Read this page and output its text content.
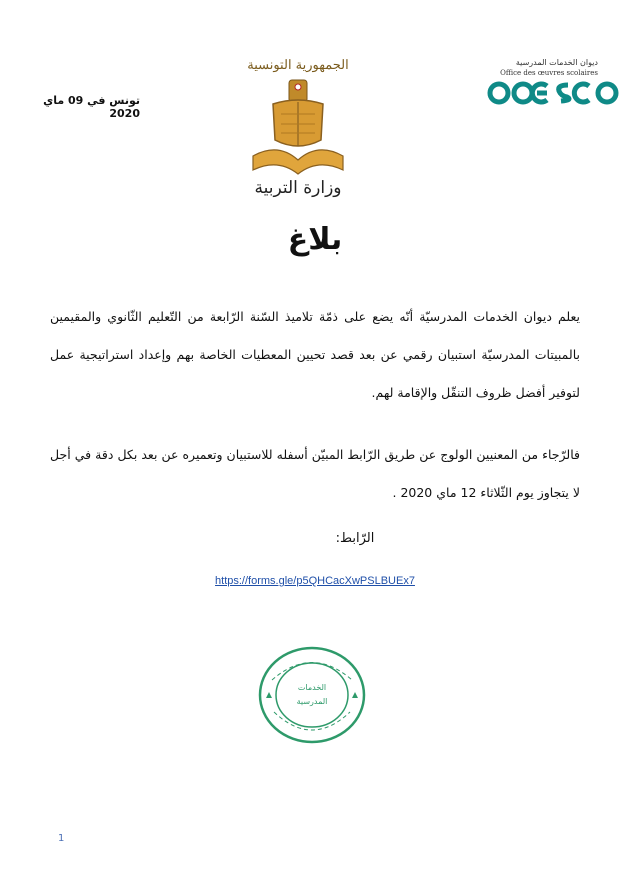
تونس في 09 ماي 2020
الجمهورية التونسية
وزارة التربية
ديوان الخدمات المدرسية
Office des œuvres scolaires
بلاغ
يعلم ديوان الخدمات المدرسيّة أنّه يضع على ذمّة تلاميذ السّنة الرّابعة من التّعليم الثّانوي والمقيمين بالمبيتات المدرسيّة استبيان رقمي عن بعد قصد تحيين المعطيات الخاصة بهم وإعداد استراتيجية عمل لتوفير أفضل ظروف التنقّل والإقامة لهم.
فالرّجاء من المعنيين الولوج عن طريق الرّابط المبيّن أسفله للاستبيان وتعميره عن بعد بكل دقة في أجل لا يتجاوز يوم الثّلاثاء 12 ماي 2020 .
الرّابط:
https://forms.gle/p5QHCacXwPSLBUEx7
الخدمات
المدرسية
1
